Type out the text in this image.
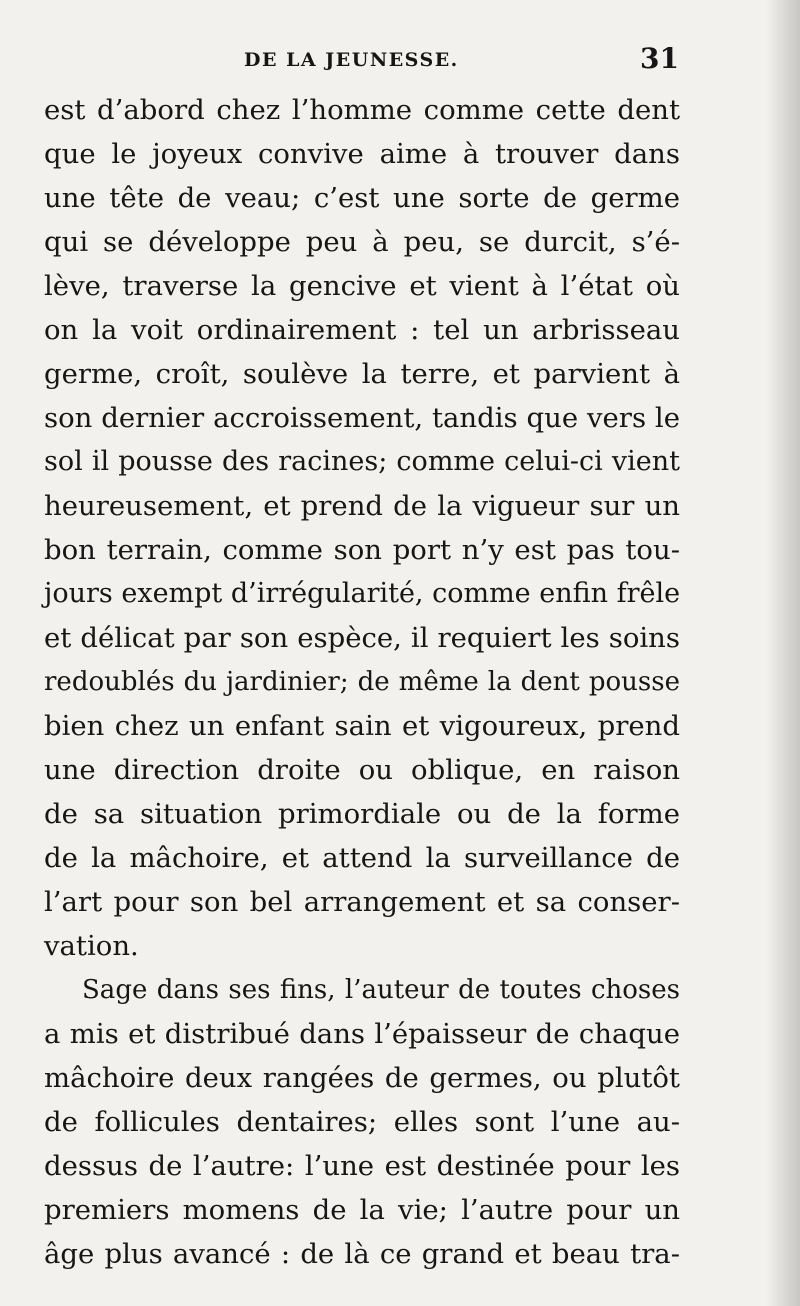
DE LA JEUNESSE.	31
est d’abord chez l’homme comme cette dent
que le joyeux convive aime à trouver dans
une tête de veau; c’est une sorte de germe
qui se développe peu à peu, se durcit, s’é-
lève, traverse la gencive et vient à l’état où
on la voit ordinairement : tel un arbrisseau
germe, croît, soulève la terre, et parvient à
son dernier accroissement, tandis que vers le
sol il pousse des racines; comme celui-ci vient
heureusement, et prend de la vigueur sur un
bon terrain, comme son port n’y est pas tou-
jours exempt d’irrégularité, comme enfin frêle
et délicat par son espèce, il requiert les soins
redoublés du jardinier; de même la dent pousse
bien chez un enfant sain et vigoureux, prend
une direction droite ou oblique, en raison
de sa situation primordiale ou de la forme
de la mâchoire, et attend la surveillance de
l’art pour son bel arrangement et sa conser-
vation.
Sage dans ses fins, l’auteur de toutes choses
a mis et distribué dans l’épaisseur de chaque
mâchoire deux rangées de germes, ou plutôt
de follicules dentaires; elles sont l’une au-
dessus de l’autre: l’une est destinée pour les
premiers momens de la vie; l’autre pour un
âge plus avancé : de là ce grand et beau tra-
